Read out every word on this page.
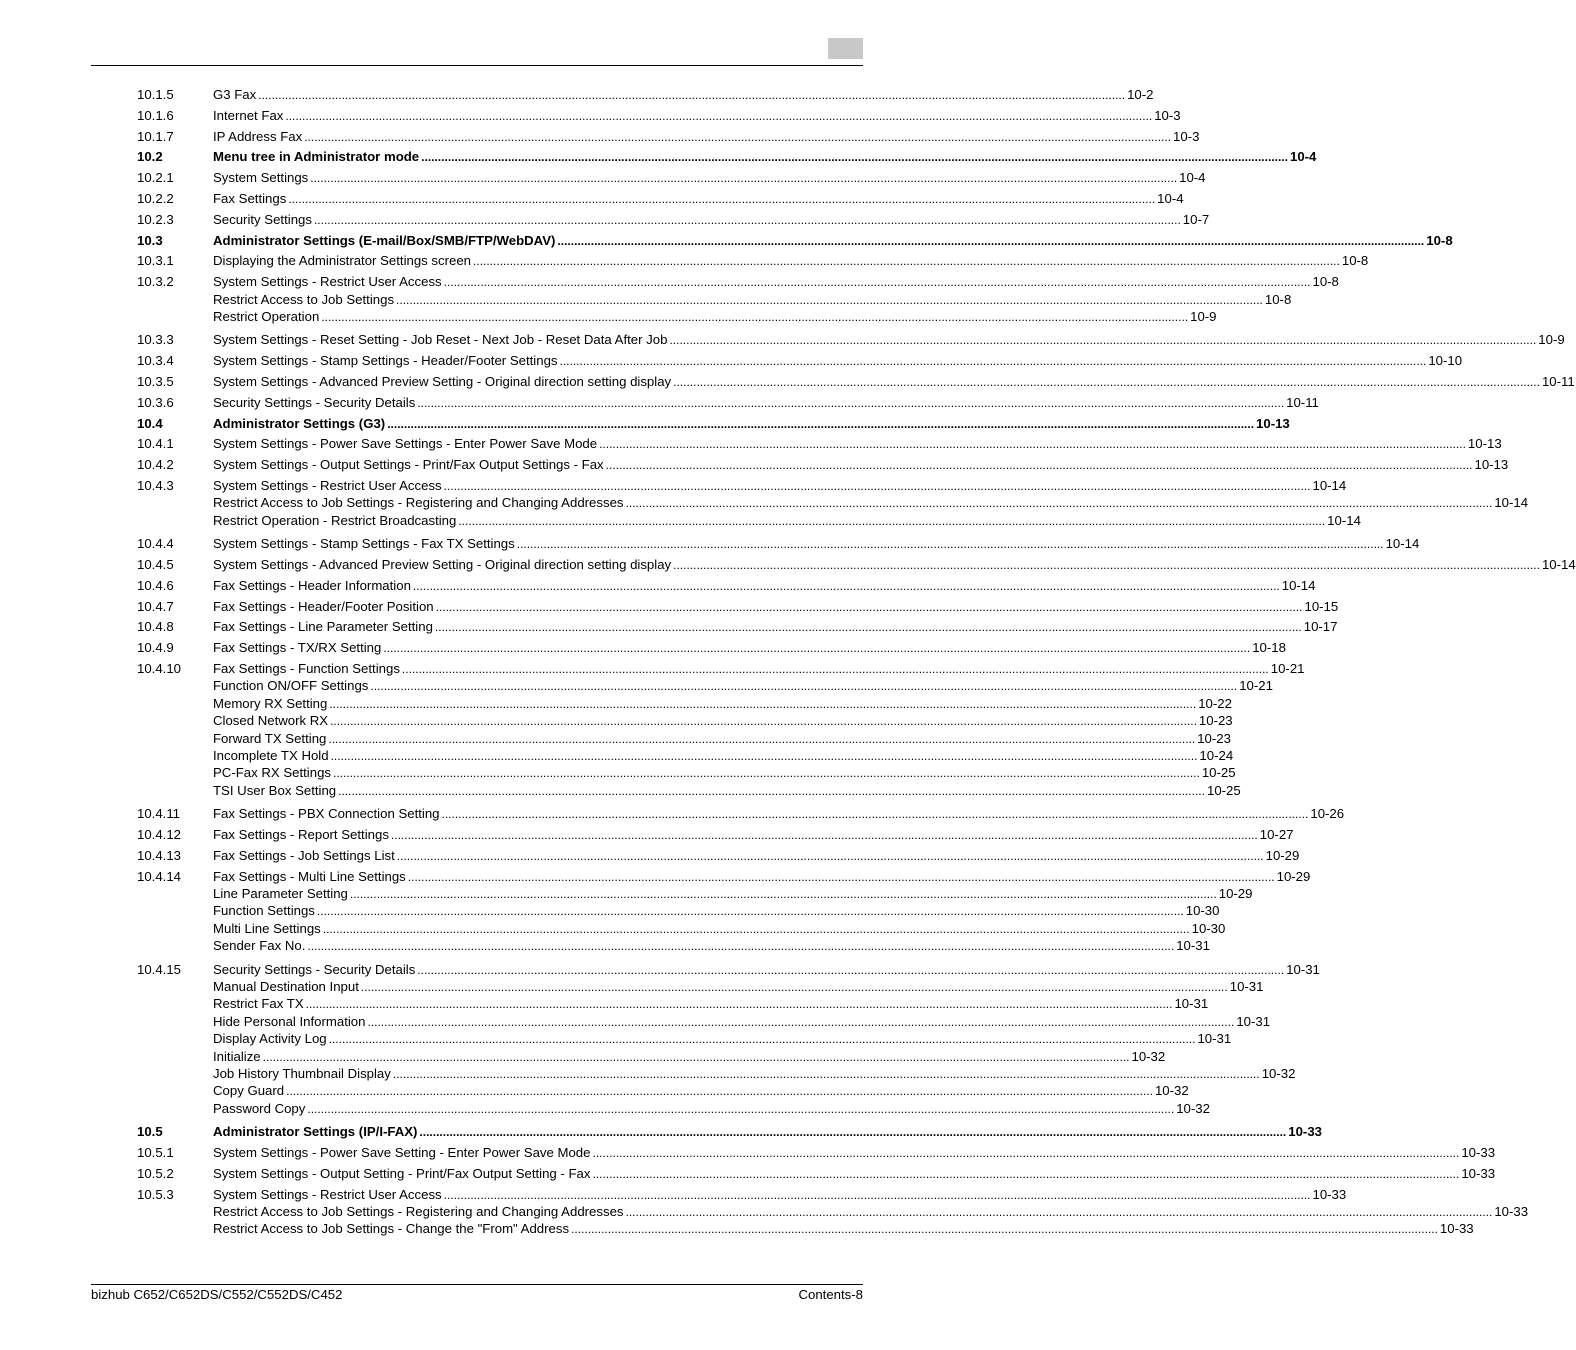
10.1.5	G3 Fax .................................................................................................................................................................................................................................................................... 10-2
10.1.6	Internet Fax .................................................................................................................................................................................................................................................................... 10-3
10.1.7	IP Address Fax .................................................................................................................................................................................................................................................................... 10-3
10.2	Menu tree in Administrator mode .................................................................................................................................................................................................................................................................... 10-4
10.2.1	System Settings .................................................................................................................................................................................................................................................................... 10-4
10.2.2	Fax Settings .................................................................................................................................................................................................................................................................... 10-4
10.2.3	Security Settings .................................................................................................................................................................................................................................................................... 10-7
10.3	Administrator Settings (E-mail/Box/SMB/FTP/WebDAV) .................................................................................................................................................................................................................................................................... 10-8
10.3.1	Displaying the Administrator Settings screen .................................................................................................................................................................................................................................................................... 10-8
10.3.2	System Settings - Restrict User Access .................................................................................................................................................................................................................................................................... 10-8
Restrict Access to Job Settings .................................................................................................................................................................................................................................................................... 10-8
Restrict Operation .................................................................................................................................................................................................................................................................... 10-9
10.3.3	System Settings - Reset Setting - Job Reset - Next Job - Reset Data After Job .................................................................................................................................................................................................................................................................... 10-9
10.3.4	System Settings - Stamp Settings - Header/Footer Settings .................................................................................................................................................................................................................................................................... 10-10
10.3.5	System Settings - Advanced Preview Setting - Original direction setting display .................................................................................................................................................................................................................................................................... 10-11
10.3.6	Security Settings - Security Details .................................................................................................................................................................................................................................................................... 10-11
10.4	Administrator Settings (G3) .................................................................................................................................................................................................................................................................... 10-13
10.4.1	System Settings - Power Save Settings - Enter Power Save Mode .................................................................................................................................................................................................................................................................... 10-13
10.4.2	System Settings - Output Settings - Print/Fax Output Settings - Fax .................................................................................................................................................................................................................................................................... 10-13
10.4.3	System Settings - Restrict User Access .................................................................................................................................................................................................................................................................... 10-14
Restrict Access to Job Settings - Registering and Changing Addresses .................................................................................................................................................................................................................................................................... 10-14
Restrict Operation - Restrict Broadcasting .................................................................................................................................................................................................................................................................... 10-14
10.4.4	System Settings - Stamp Settings - Fax TX Settings .................................................................................................................................................................................................................................................................... 10-14
10.4.5	System Settings - Advanced Preview Setting - Original direction setting display .................................................................................................................................................................................................................................................................... 10-14
10.4.6	Fax Settings - Header Information .................................................................................................................................................................................................................................................................... 10-14
10.4.7	Fax Settings - Header/Footer Position .................................................................................................................................................................................................................................................................... 10-15
10.4.8	Fax Settings - Line Parameter Setting .................................................................................................................................................................................................................................................................... 10-17
10.4.9	Fax Settings - TX/RX Setting .................................................................................................................................................................................................................................................................... 10-18
10.4.10 Fax Settings - Function Settings .................................................................................................................................................................................................................................................................... 10-21
Function ON/OFF Settings .................................................................................................................................................................................................................................................................... 10-21
Memory RX Setting .................................................................................................................................................................................................................................................................... 10-22
Closed Network RX .................................................................................................................................................................................................................................................................... 10-23
Forward TX Setting .................................................................................................................................................................................................................................................................... 10-23
Incomplete TX Hold .................................................................................................................................................................................................................................................................... 10-24
PC-Fax RX Settings .................................................................................................................................................................................................................................................................... 10-25
TSI User Box Setting .................................................................................................................................................................................................................................................................... 10-25
10.4.11 Fax Settings - PBX Connection Setting .................................................................................................................................................................................................................................................................... 10-26
10.4.12 Fax Settings - Report Settings .................................................................................................................................................................................................................................................................... 10-27
10.4.13 Fax Settings - Job Settings List .................................................................................................................................................................................................................................................................... 10-29
10.4.14 Fax Settings - Multi Line Settings .................................................................................................................................................................................................................................................................... 10-29
Line Parameter Setting .................................................................................................................................................................................................................................................................... 10-29
Function Settings .................................................................................................................................................................................................................................................................... 10-30
Multi Line Settings .................................................................................................................................................................................................................................................................... 10-30
Sender Fax No. .................................................................................................................................................................................................................................................................... 10-31
10.4.15 Security Settings - Security Details .................................................................................................................................................................................................................................................................... 10-31
Manual Destination Input .................................................................................................................................................................................................................................................................... 10-31
Restrict Fax TX .................................................................................................................................................................................................................................................................... 10-31
Hide Personal Information .................................................................................................................................................................................................................................................................... 10-31
Display Activity Log .................................................................................................................................................................................................................................................................... 10-31
Initialize .................................................................................................................................................................................................................................................................... 10-32
Job History Thumbnail Display .................................................................................................................................................................................................................................................................... 10-32
Copy Guard .................................................................................................................................................................................................................................................................... 10-32
Password Copy .................................................................................................................................................................................................................................................................... 10-32
10.5	Administrator Settings (IP/I-FAX) .................................................................................................................................................................................................................................................................... 10-33
10.5.1	System Settings - Power Save Setting - Enter Power Save Mode .................................................................................................................................................................................................................................................................... 10-33
10.5.2	System Settings - Output Setting - Print/Fax Output Setting - Fax .................................................................................................................................................................................................................................................................... 10-33
10.5.3	System Settings - Restrict User Access .................................................................................................................................................................................................................................................................... 10-33
Restrict Access to Job Settings - Registering and Changing Addresses .................................................................................................................................................................................................................................................................... 10-33
Restrict Access to Job Settings - Change the "From" Address .................................................................................................................................................................................................................................................................... 10-33
bizhub C652/C652DS/C552/C552DS/C452	Contents-8
